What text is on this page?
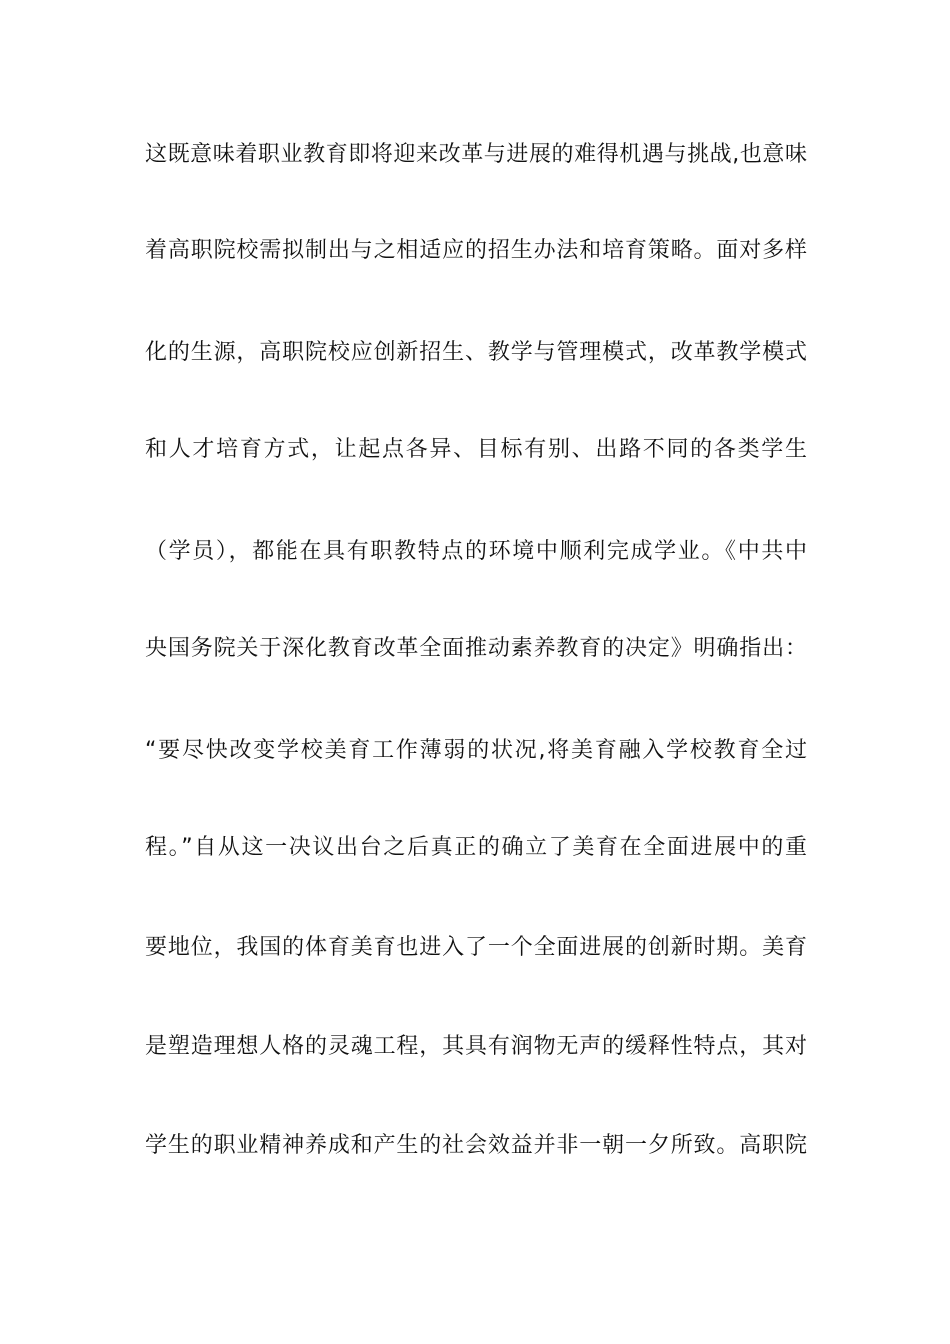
这既意味着职业教育即将迎来改革与进展的难得机遇与挑战,也意味
着高职院校需拟制出与之相适应的招生办法和培育策略。面对多样
化的生源，高职院校应创新招生、教学与管理模式，改革教学模式
和人才培育方式，让起点各异、目标有别、出路不同的各类学生
（学员），都能在具有职教特点的环境中顺利完成学业。《中共中
央国务院关于深化教育改革全面推动素养教育的决定》明确指出：
“要尽快改变学校美育工作薄弱的状况,将美育融入学校教育全过
程。”自从这一决议出台之后真正的确立了美育在全面进展中的重
要地位，我国的体育美育也进入了一个全面进展的创新时期。美育
是塑造理想人格的灵魂工程，其具有润物无声的缓释性特点，其对
学生的职业精神养成和产生的社会效益并非一朝一夕所致。高职院
